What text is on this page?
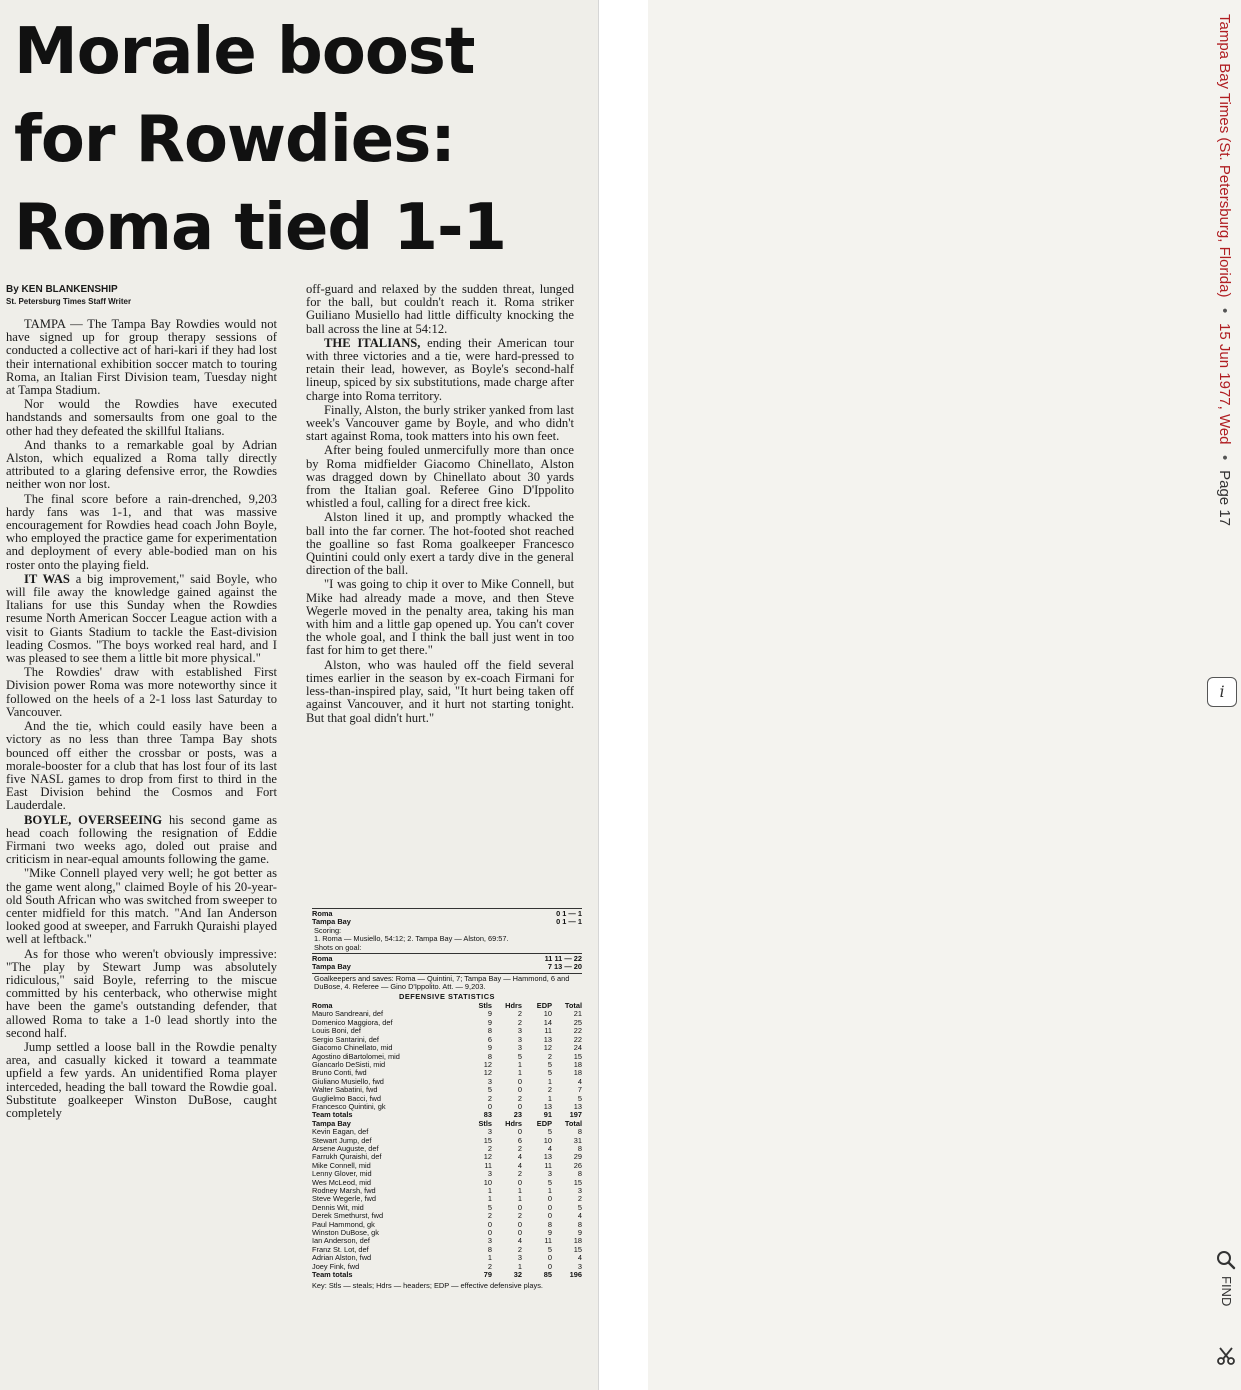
Morale boost
for Rowdies:
Roma tied 1-1
By KEN BLANKENSHIP
St. Petersburg Times Staff Writer

TAMPA — The Tampa Bay Rowdies would not have signed up for group therapy sessions of conducted a collective act of hari-kari if they had lost their international exhibition soccer match to touring Roma, an Italian First Division team, Tuesday night at Tampa Stadium.

Nor would the Rowdies have executed handstands and somersaults from one goal to the other had they defeated the skillful Italians.

And thanks to a remarkable goal by Adrian Alston, which equalized a Roma tally directly attributed to a glaring defensive error, the Rowdies neither won nor lost.

The final score before a rain-drenched, 9,203 hardy fans was 1-1, and that was massive encouragement for Rowdies head coach John Boyle, who employed the practice game for experimentation and deployment of every able-bodied man on his roster onto the playing field.

IT WAS a big improvement," said Boyle, who will file away the knowledge gained against the Italians for use this Sunday when the Rowdies resume North American Soccer League action with a visit to Giants Stadium to tackle the East-division leading Cosmos. "The boys worked real hard, and I was pleased to see them a little bit more physical."

The Rowdies' draw with established First Division power Roma was more noteworthy since it followed on the heels of a 2-1 loss last Saturday to Vancouver.

And the tie, which could easily have been a victory as no less than three Tampa Bay shots bounced off either the crossbar or posts, was a morale-booster for a club that has lost four of its last five NASL games to drop from first to third in the East Division behind the Cosmos and Fort Lauderdale.

BOYLE, OVERSEEING his second game as head coach following the resignation of Eddie Firmani two weeks ago, doled out praise and criticism in near-equal amounts following the game.

"Mike Connell played very well; he got better as the game went along," claimed Boyle of his 20-year-old South African who was switched from sweeper to center midfield for this match. "And Ian Anderson looked good at sweeper, and Farrukh Quraishi played well at leftback."

As for those who weren't obviously impressive: "The play by Stewart Jump was absolutely ridiculous," said Boyle, referring to the miscue committed by his centerback, who otherwise might have been the game's outstanding defender, that allowed Roma to take a 1-0 lead shortly into the second half.

Jump settled a loose ball in the Rowdie penalty area, and casually kicked it toward a teammate upfield a few yards. An unidentified Roma player interceded, heading the ball toward the Rowdie goal. Substitute goalkeeper Winston DuBose, caught completely

off-guard and relaxed by the sudden threat, lunged for the ball, but couldn't reach it. Roma striker Guiliano Musiello had little difficulty knocking the ball across the line at 54:12.

THE ITALIANS, ending their American tour with three victories and a tie, were hard-pressed to retain their lead, however, as Boyle's second-half lineup, spiced by six substitutions, made charge after charge into Roma territory.

Finally, Alston, the burly striker yanked from last week's Vancouver game by Boyle, and who didn't start against Roma, took matters into his own feet.

After being fouled unmercifully more than once by Roma midfielder Giacomo Chinellato, Alston was dragged down by Chinellato about 30 yards from the Italian goal. Referee Gino D'Ippolito whistled a foul, calling for a direct free kick.

Alston lined it up, and promptly whacked the ball into the far corner. The hot-footed shot reached the goalline so fast Roma goalkeeper Francesco Quintini could only exert a tardy dive in the general direction of the ball.

"I was going to chip it over to Mike Connell, but Mike had already made a move, and then Steve Wegerle moved in the penalty area, taking his man with him and a little gap opened up. You can't cover the whole goal, and I think the ball just went in too fast for him to get there."

Alston, who was hauled off the field several times earlier in the season by ex-coach Firmani for less-than-inspired play, said, "It hurt being taken off against Vancouver, and it hurt not starting tonight. But that goal didn't hurt."

Roma	0 1 — 1
Tampa Bay	0 1 — 1
Scoring:
1. Roma — Musiello, 54:12; 2. Tampa Bay — Alston, 69:57.
Shots on goal:
Roma	11 11 — 22
Tampa Bay	7 13 — 20
Goalkeepers and saves: Roma — Quintini, 7; Tampa Bay — Hammond, 6 and DuBose, 4. Referee — Gino D'Ippolito. Att. — 9,203.
DEFENSIVE STATISTICS
Roma	Stls	Hdrs	EDP	Total
Mauro Sandreani, def	9	2	10	21
Domenico Maggiora, def	9	2	14	25
Louis Boni, def	8	3	11	22
Sergio Santarini, def	6	3	13	22
Giacomo Chinellato, mid	9	3	12	24
Agostino diBartolomei, mid	8	5	2	15
Giancarlo DeSisti, mid	12	1	5	18
Bruno Conti, fwd	12	1	5	18
Giuliano Musiello, fwd	3	0	1	4
Walter Sabatini, fwd	5	0	2	7
Guglielmo Bacci, fwd	2	2	1	5
Francesco Quintini, gk	0	0	13	13
Team totals	83	23	91	197
Tampa Bay	Stls	Hdrs	EDP	Total
Kevin Eagan, def	3	0	5	8
Stewart Jump, def	15	6	10	31
Arsene Auguste, def	2	2	4	8
Farrukh Quraishi, def	12	4	13	29
Mike Connell, mid	11	4	11	26
Lenny Glover, mid	3	2	3	8
Wes McLeod, mid	10	0	5	15
Rodney Marsh, fwd	1	1	1	3
Steve Wegerle, fwd	1	1	0	2
Dennis Wit, mid	5	0	0	5
Derek Smethurst, fwd	2	2	0	4
Paul Hammond, gk	0	0	8	8
Winston DuBose, gk	0	0	9	9
Ian Anderson, def	3	4	11	18
Franz St. Lot, def	8	2	5	15
Adrian Alston, fwd	1	3	0	4
Joey Fink, fwd	2	1	0	3
Team totals	79	32	85	196
Key: Stls — steals; Hdrs — headers; EDP — effective defensive plays.
Tampa Bay Times (St. Petersburg, Florida) • 15 Jun 1977, Wed • Page 17
i
FIND
